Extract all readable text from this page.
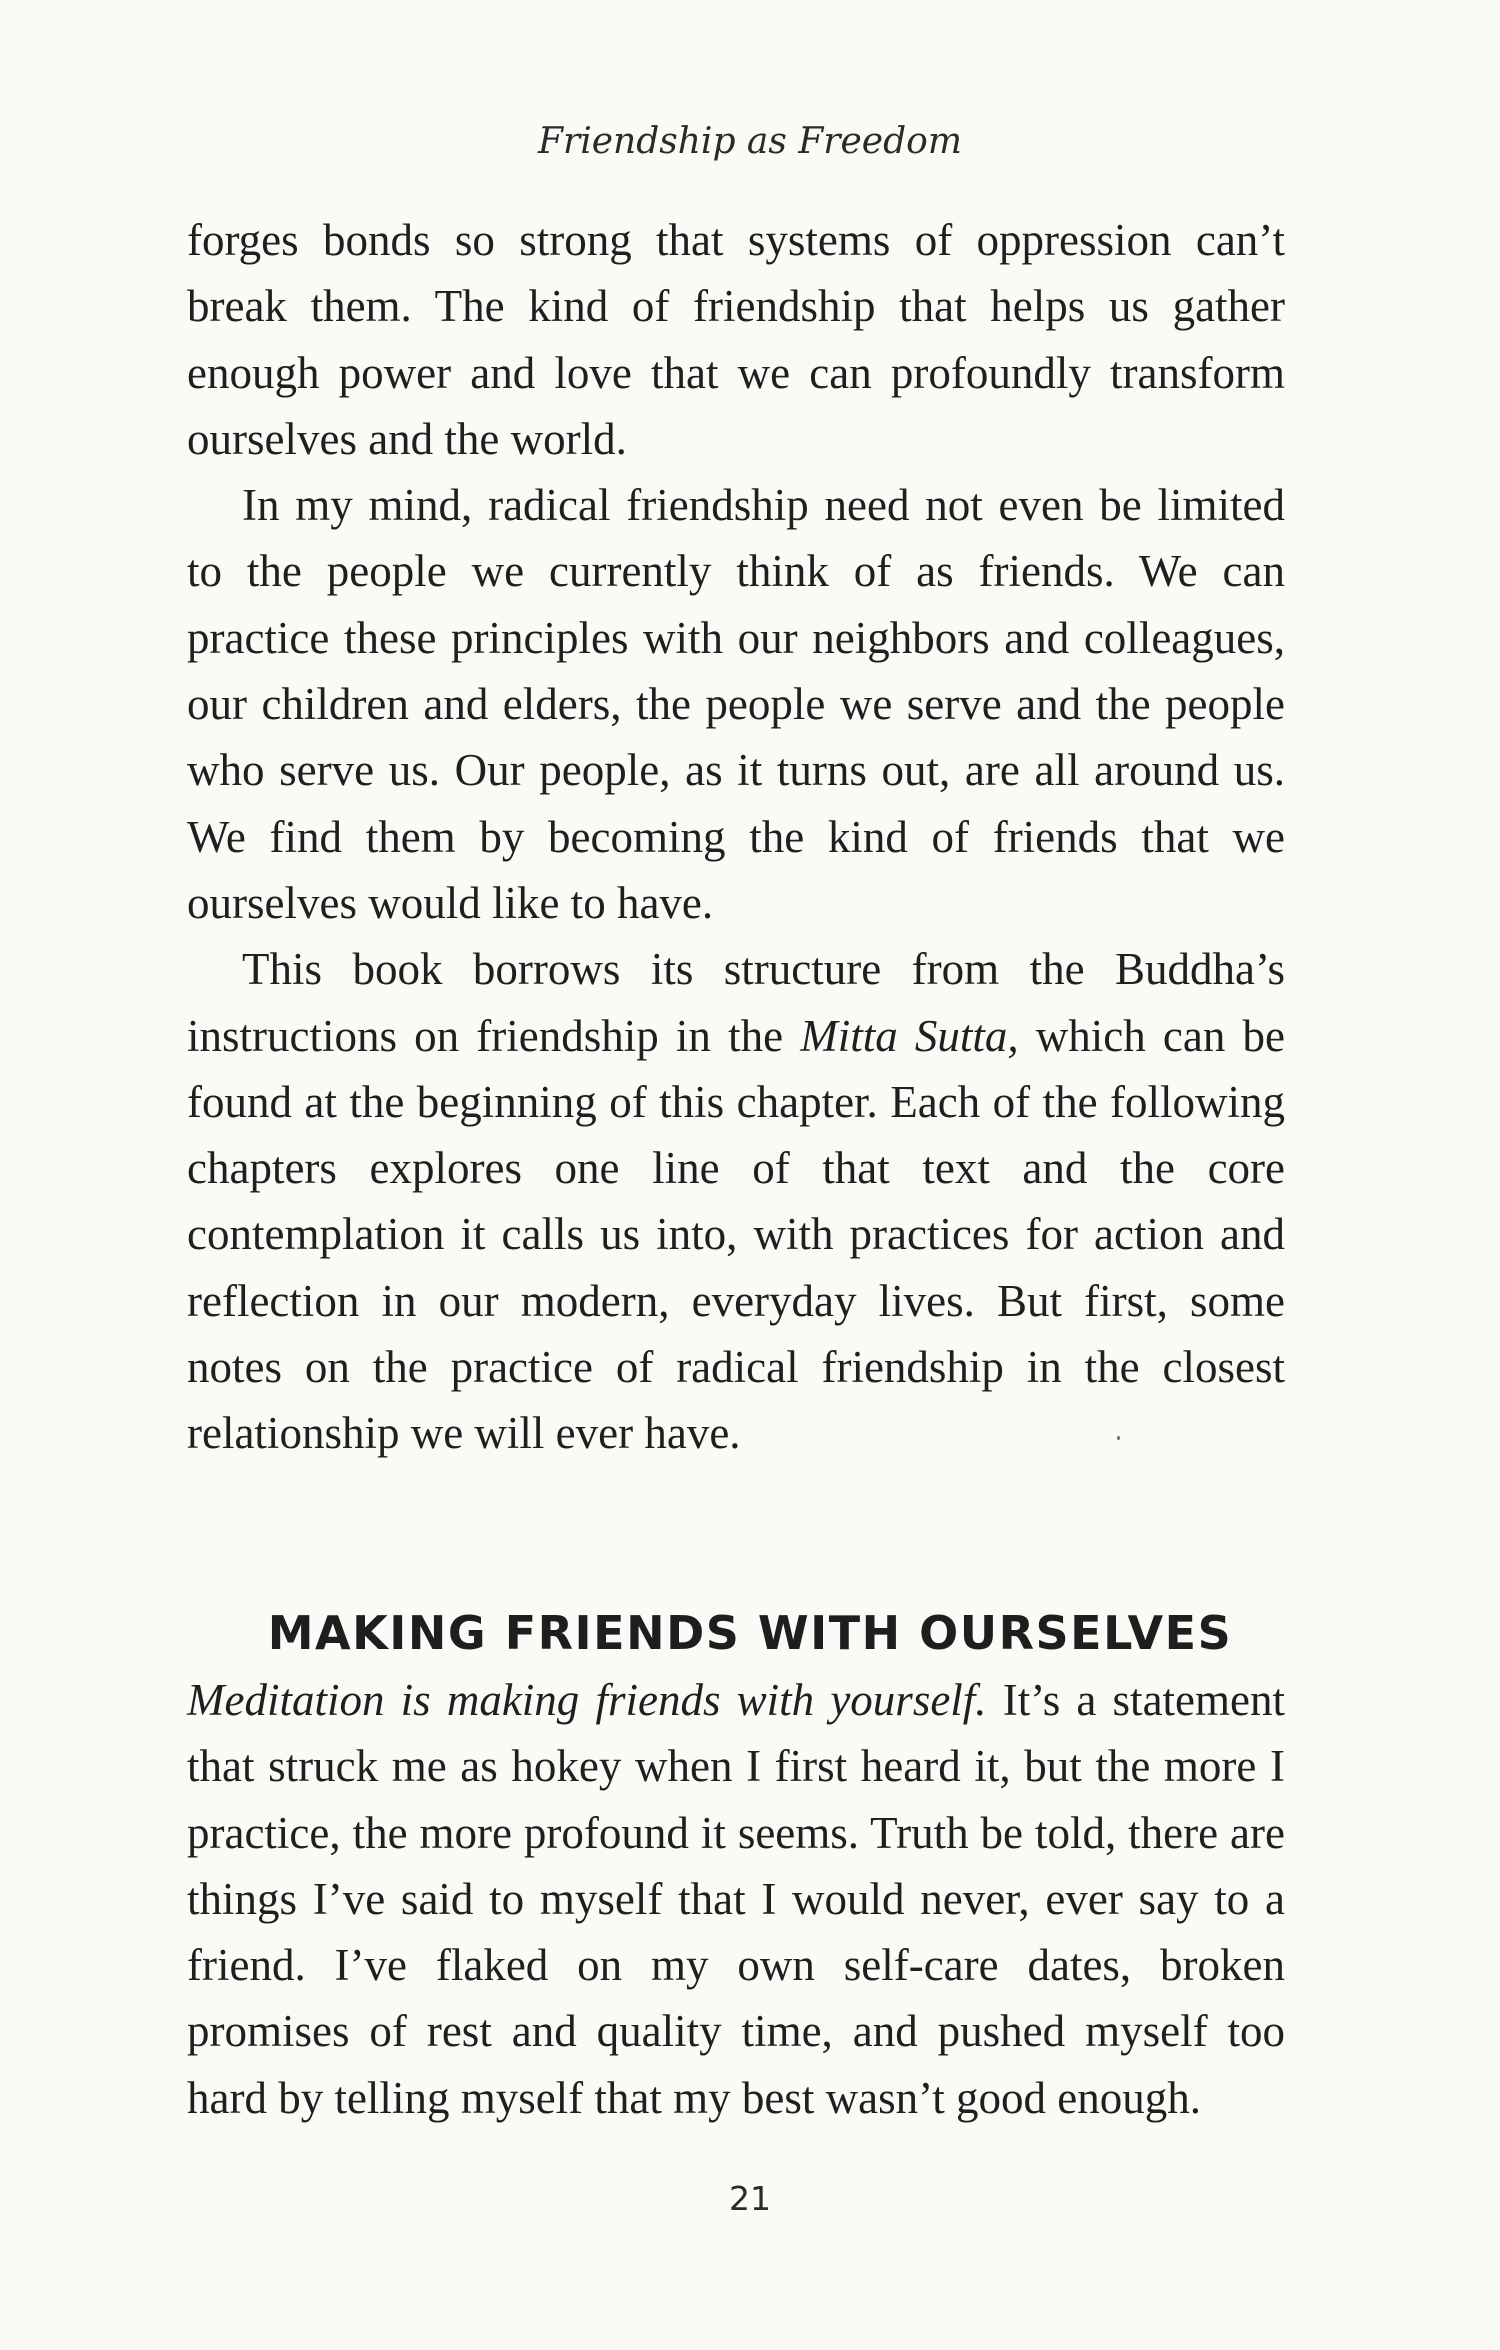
Friendship as Freedom

forges bonds so strong that systems of oppression can’t break them. The kind of friendship that helps us gather enough power and love that we can profoundly transform ourselves and the world.

In my mind, radical friendship need not even be limited to the people we currently think of as friends. We can practice these principles with our neighbors and colleagues, our children and elders, the people we serve and the people who serve us. Our people, as it turns out, are all around us. We find them by becoming the kind of friends that we ourselves would like to have.

This book borrows its structure from the Buddha’s instructions on friendship in the Mitta Sutta, which can be found at the beginning of this chapter. Each of the following chapters explores one line of that text and the core contemplation it calls us into, with practices for action and reflection in our modern, everyday lives. But first, some notes on the practice of radical friendship in the closest relationship we will ever have.

MAKING FRIENDS WITH OURSELVES

Meditation is making friends with yourself. It’s a statement that struck me as hokey when I first heard it, but the more I practice, the more profound it seems. Truth be told, there are things I’ve said to myself that I would never, ever say to a friend. I’ve flaked on my own self-care dates, broken promises of rest and quality time, and pushed myself too hard by telling myself that my best wasn’t good enough.

21
